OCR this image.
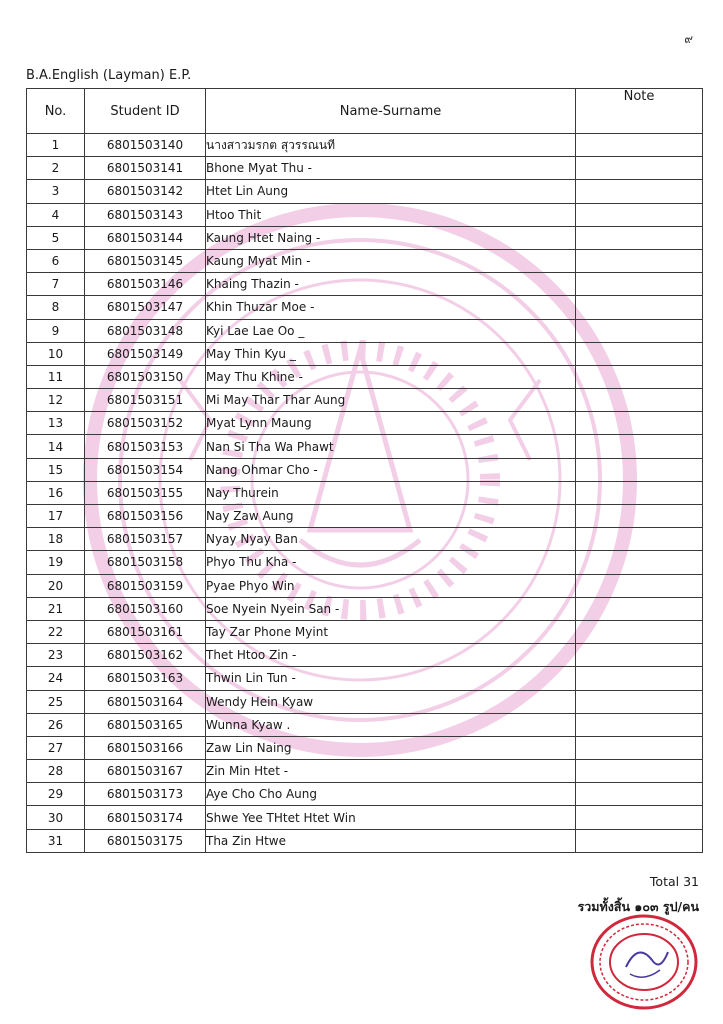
๙
B.A.English (Layman) E.P.
No.	Student ID	Name-Surname	Note
1	6801503140	นางสาวมรกต สุวรรณนที	
2	6801503141	Bhone Myat Thu -	
3	6801503142	Htet Lin Aung	
4	6801503143	Htoo Thit	
5	6801503144	Kaung Htet Naing -	
6	6801503145	Kaung Myat Min -	
7	6801503146	Khaing Thazin -	
8	6801503147	Khin Thuzar Moe -	
9	6801503148	Kyi Lae Lae Oo _	
10	6801503149	May Thin Kyu _	
11	6801503150	May Thu Khine -	
12	6801503151	Mi May Thar Thar Aung	
13	6801503152	Myat Lynn Maung	
14	6801503153	Nan Si Tha Wa Phawt	
15	6801503154	Nang Ohmar Cho -	
16	6801503155	Nay Thurein	
17	6801503156	Nay Zaw Aung	
18	6801503157	Nyay Nyay Ban	
19	6801503158	Phyo Thu Kha -	
20	6801503159	Pyae Phyo Win	
21	6801503160	Soe Nyein Nyein San -	
22	6801503161	Tay Zar Phone Myint	
23	6801503162	Thet Htoo Zin -	
24	6801503163	Thwin Lin Tun -	
25	6801503164	Wendy Hein Kyaw	
26	6801503165	Wunna Kyaw .	
27	6801503166	Zaw Lin Naing	
28	6801503167	Zin Min Htet -	
29	6801503173	Aye Cho Cho Aung	
30	6801503174	Shwe Yee THtet Htet Win	
31	6801503175	Tha Zin Htwe	
Total 31
รวมทั้งสิ้น ๑๐๓ รูป/คน
